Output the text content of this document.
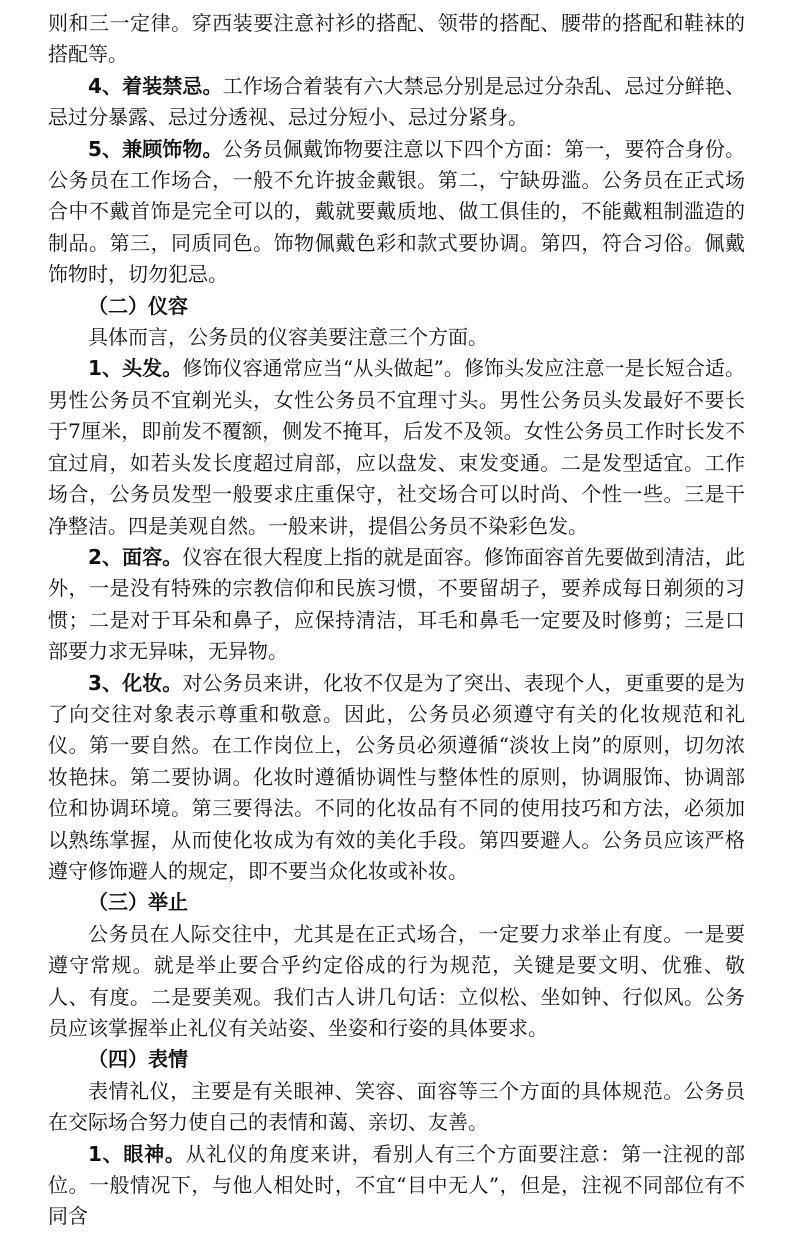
则和三一定律。穿西装要注意衬衫的搭配、领带的搭配、腰带的搭配和鞋袜的搭配等。

4、着装禁忌。工作场合着装有六大禁忌分别是忌过分杂乱、忌过分鲜艳、忌过分暴露、忌过分透视、忌过分短小、忌过分紧身。

5、兼顾饰物。公务员佩戴饰物要注意以下四个方面：第一，要符合身份。公务员在工作场合，一般不允许披金戴银。第二，宁缺毋滥。公务员在正式场合中不戴首饰是完全可以的，戴就要戴质地、做工俱佳的，不能戴粗制滥造的制品。第三，同质同色。饰物佩戴色彩和款式要协调。第四，符合习俗。佩戴饰物时，切勿犯忌。

（二）仪容

具体而言，公务员的仪容美要注意三个方面。

1、头发。修饰仪容通常应当“从头做起”。修饰头发应注意一是长短合适。男性公务员不宜剃光头，女性公务员不宜理寸头。男性公务员头发最好不要长于7厘米，即前发不覆额，侧发不掩耳，后发不及领。女性公务员工作时长发不宜过肩，如若头发长度超过肩部，应以盘发、束发变通。二是发型适宜。工作场合，公务员发型一般要求庄重保守，社交场合可以时尚、个性一些。三是干净整洁。四是美观自然。一般来讲，提倡公务员不染彩色发。

2、面容。仪容在很大程度上指的就是面容。修饰面容首先要做到清洁，此外，一是没有特殊的宗教信仰和民族习惯，不要留胡子，要养成每日剃须的习惯；二是对于耳朵和鼻子，应保持清洁，耳毛和鼻毛一定要及时修剪；三是口部要力求无异味，无异物。

3、化妆。对公务员来讲，化妆不仅是为了突出、表现个人，更重要的是为了向交往对象表示尊重和敬意。因此，公务员必须遵守有关的化妆规范和礼仪。第一要自然。在工作岗位上，公务员必须遵循“淡妆上岗”的原则，切勿浓妆艳抹。第二要协调。化妆时遵循协调性与整体性的原则，协调服饰、协调部位和协调环境。第三要得法。不同的化妆品有不同的使用技巧和方法，必须加以熟练掌握，从而使化妆成为有效的美化手段。第四要避人。公务员应该严格遵守修饰避人的规定，即不要当众化妆或补妆。

（三）举止

公务员在人际交往中，尤其是在正式场合，一定要力求举止有度。一是要遵守常规。就是举止要合乎约定俗成的行为规范，关键是要文明、优雅、敬人、有度。二是要美观。我们古人讲几句话：立似松、坐如钟、行似风。公务员应该掌握举止礼仪有关站姿、坐姿和行姿的具体要求。

（四）表情

表情礼仪，主要是有关眼神、笑容、面容等三个方面的具体规范。公务员在交际场合努力使自己的表情和蔼、亲切、友善。

1、眼神。从礼仪的角度来讲，看别人有三个方面要注意：第一注视的部位。一般情况下，与他人相处时，不宜“目中无人”，但是，注视不同部位有不同含
